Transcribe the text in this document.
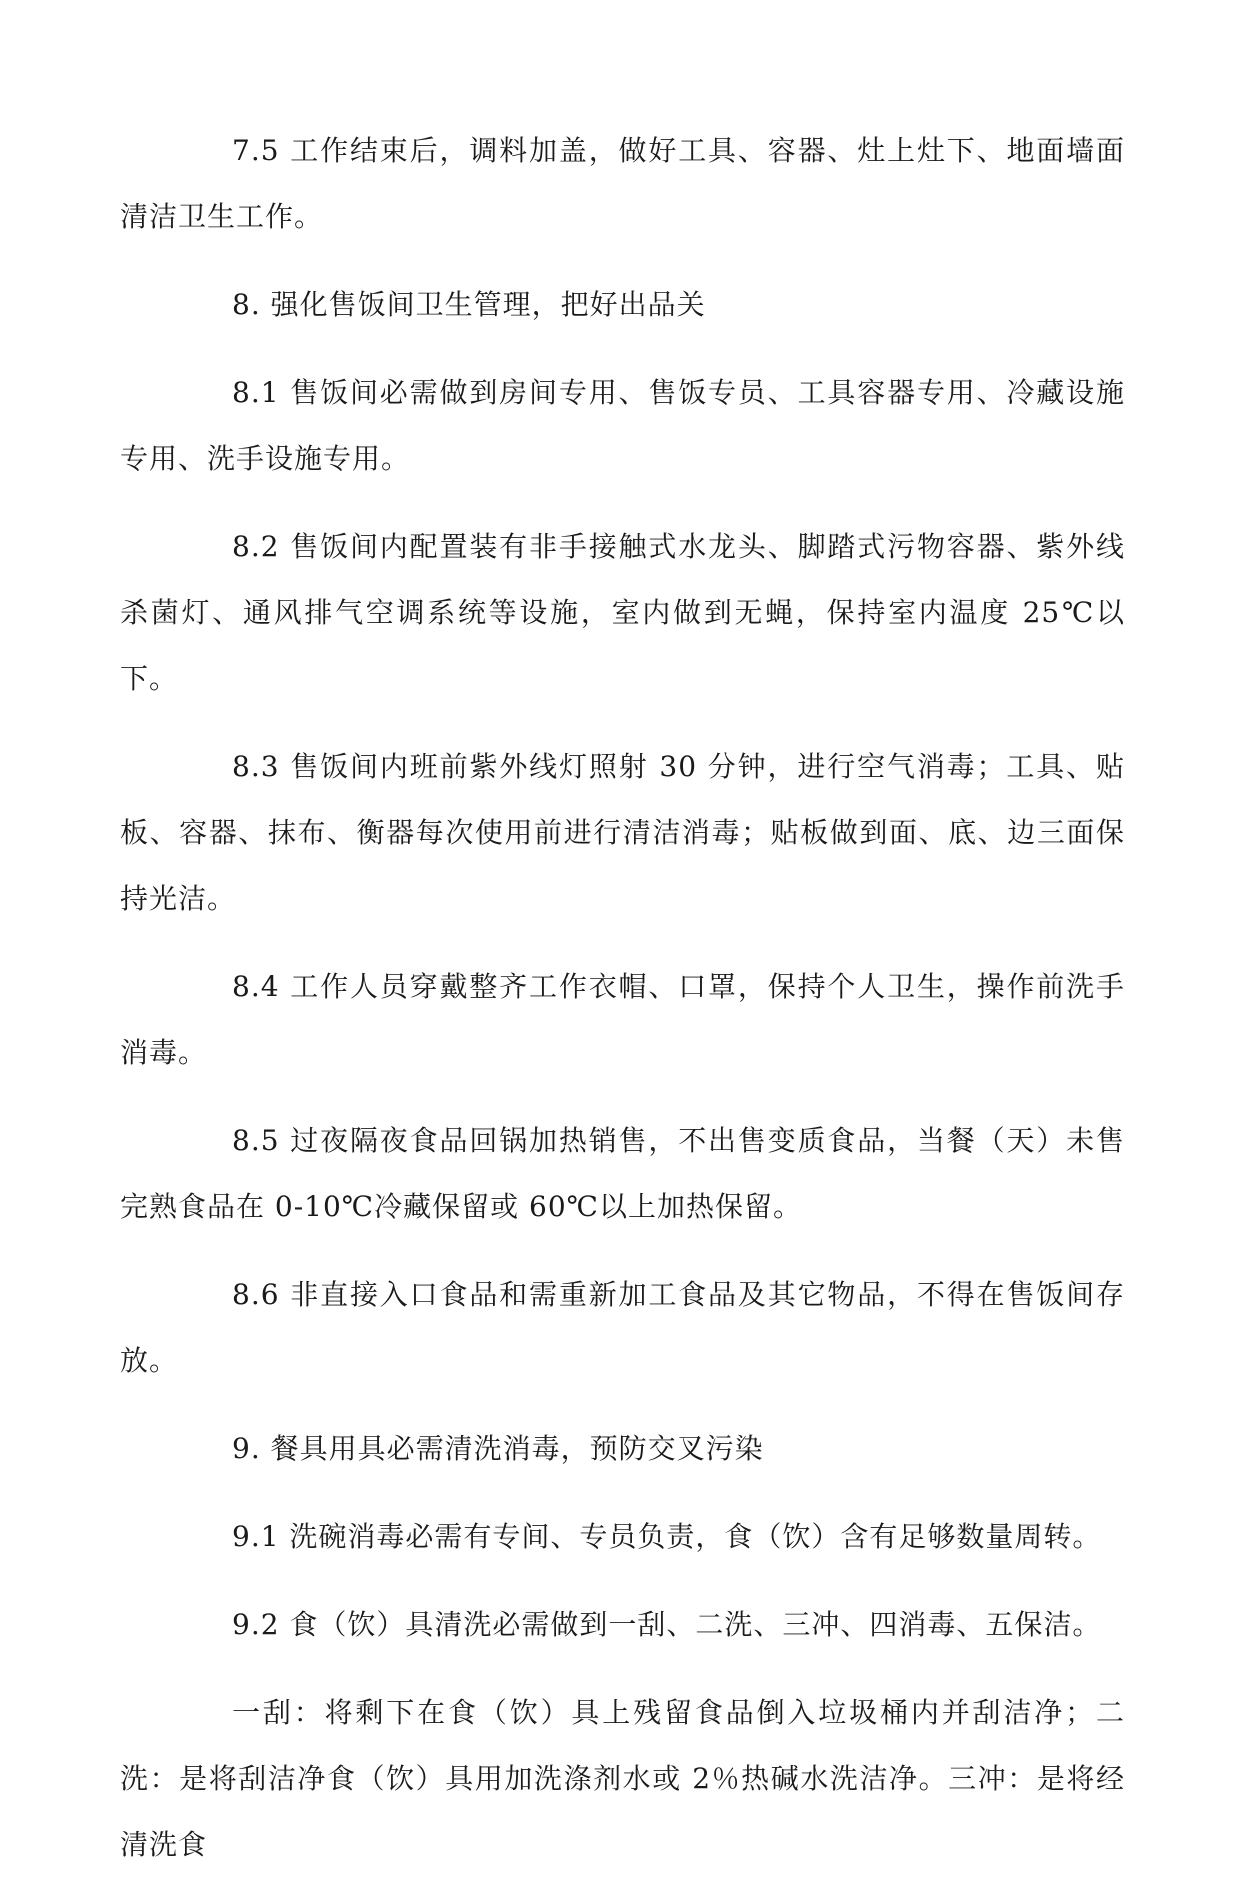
7.5 工作结束后，调料加盖，做好工具、容器、灶上灶下、地面墙面清洁卫生工作。

8. 强化售饭间卫生管理，把好出品关

8.1 售饭间必需做到房间专用、售饭专员、工具容器专用、冷藏设施专用、洗手设施专用。

8.2 售饭间内配置装有非手接触式水龙头、脚踏式污物容器、紫外线杀菌灯、通风排气空调系统等设施，室内做到无蝇，保持室内温度 25℃以下。

8.3 售饭间内班前紫外线灯照射 30 分钟，进行空气消毒；工具、贴板、容器、抹布、衡器每次使用前进行清洁消毒；贴板做到面、底、边三面保持光洁。

8.4 工作人员穿戴整齐工作衣帽、口罩，保持个人卫生，操作前洗手消毒。

8.5 过夜隔夜食品回锅加热销售，不出售变质食品，当餐（天）未售完熟食品在 0-10℃冷藏保留或 60℃以上加热保留。

8.6 非直接入口食品和需重新加工食品及其它物品，不得在售饭间存放。

9. 餐具用具必需清洗消毒，预防交叉污染

9.1 洗碗消毒必需有专间、专员负责，食（饮）含有足够数量周转。

9.2 食（饮）具清洗必需做到一刮、二洗、三冲、四消毒、五保洁。

一刮：将剩下在食（饮）具上残留食品倒入垃圾桶内并刮洁净；二洗：是将刮洁净食（饮）具用加洗涤剂水或 2％热碱水洗洁净。三冲：是将经清洗食
